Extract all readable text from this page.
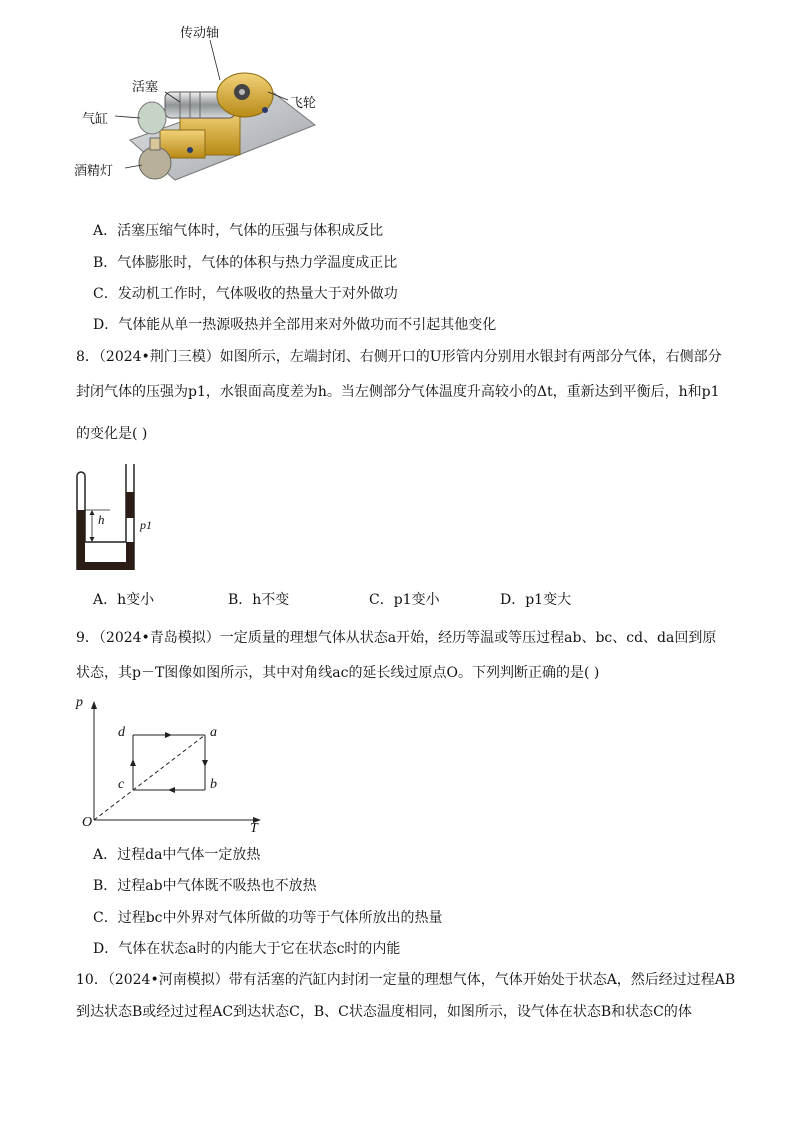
传动轴
活塞
飞轮
气缸
酒精灯
A．活塞压缩气体时，气体的压强与体积成反比
B．气体膨胀时，气体的体积与热力学温度成正比
C．发动机工作时，气体吸收的热量大于对外做功
D．气体能从单一热源吸热并全部用来对外做功而不引起其他变化
8．（2024•荆门三模）如图所示，左端封闭、右侧开口的U形管内分别用水银封有两部分气体，右侧部分
封闭气体的压强为p1，水银面高度差为h。当左侧部分气体温度升高较小的Δt，重新达到平衡后，h和p1
的变化是( )
h	p1
A．h变小	B．h不变	C．p1变小	D．p1变大
9．（2024•青岛模拟）一定质量的理想气体从状态a开始，经历等温或等压过程ab、bc、cd、da回到原
状态，其p－T图像如图所示，其中对角线ac的延长线过原点O。下列判断正确的是( )
p
T
O
d	a
b
c
A．过程da中气体一定放热
B．过程ab中气体既不吸热也不放热
C．过程bc中外界对气体所做的功等于气体所放出的热量
D．气体在状态a时的内能大于它在状态c时的内能
10．（2024•河南模拟）带有活塞的汽缸内封闭一定量的理想气体，气体开始处于状态A，然后经过过程AB
到达状态B或经过过程AC到达状态C，B、C状态温度相同，如图所示，设气体在状态B和状态C的体
